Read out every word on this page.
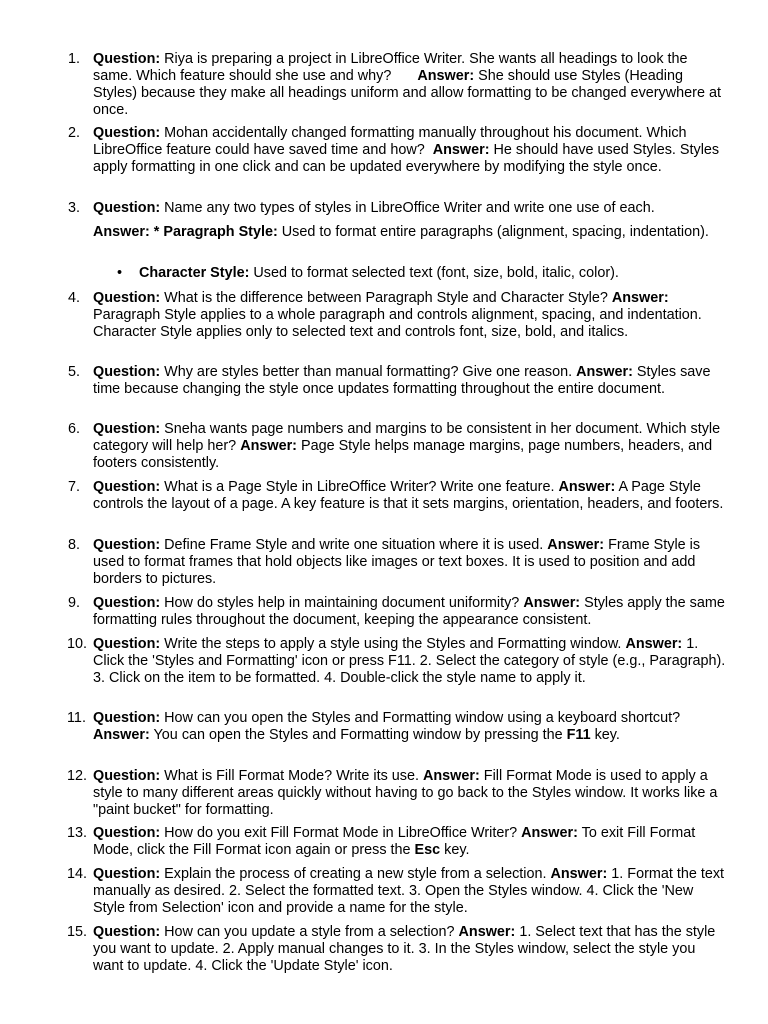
1. Question: Riya is preparing a project in LibreOffice Writer. She wants all headings to look the same. Which feature should she use and why? Answer: She should use Styles (Heading Styles) because they make all headings uniform and allow formatting to be changed everywhere at once.
2. Question: Mohan accidentally changed formatting manually throughout his document. Which LibreOffice feature could have saved time and how? Answer: He should have used Styles. Styles apply formatting in one click and can be updated everywhere by modifying the style once.
3. Question: Name any two types of styles in LibreOffice Writer and write one use of each.
Answer: * Paragraph Style: Used to format entire paragraphs (alignment, spacing, indentation).
• Character Style: Used to format selected text (font, size, bold, italic, color).
4. Question: What is the difference between Paragraph Style and Character Style? Answer: Paragraph Style applies to a whole paragraph and controls alignment, spacing, and indentation. Character Style applies only to selected text and controls font, size, bold, and italics.
5. Question: Why are styles better than manual formatting? Give one reason. Answer: Styles save time because changing the style once updates formatting throughout the entire document.
6. Question: Sneha wants page numbers and margins to be consistent in her document. Which style category will help her? Answer: Page Style helps manage margins, page numbers, headers, and footers consistently.
7. Question: What is a Page Style in LibreOffice Writer? Write one feature. Answer: A Page Style controls the layout of a page. A key feature is that it sets margins, orientation, headers, and footers.
8. Question: Define Frame Style and write one situation where it is used. Answer: Frame Style is used to format frames that hold objects like images or text boxes. It is used to position and add borders to pictures.
9. Question: How do styles help in maintaining document uniformity? Answer: Styles apply the same formatting rules throughout the document, keeping the appearance consistent.
10. Question: Write the steps to apply a style using the Styles and Formatting window. Answer: 1. Click the 'Styles and Formatting' icon or press F11. 2. Select the category of style (e.g., Paragraph). 3. Click on the item to be formatted. 4. Double-click the style name to apply it.
11. Question: How can you open the Styles and Formatting window using a keyboard shortcut? Answer: You can open the Styles and Formatting window by pressing the F11 key.
12. Question: What is Fill Format Mode? Write its use. Answer: Fill Format Mode is used to apply a style to many different areas quickly without having to go back to the Styles window. It works like a "paint bucket" for formatting.
13. Question: How do you exit Fill Format Mode in LibreOffice Writer? Answer: To exit Fill Format Mode, click the Fill Format icon again or press the Esc key.
14. Question: Explain the process of creating a new style from a selection. Answer: 1. Format the text manually as desired. 2. Select the formatted text. 3. Open the Styles window. 4. Click the 'New Style from Selection' icon and provide a name for the style.
15. Question: How can you update a style from a selection? Answer: 1. Select text that has the style you want to update. 2. Apply manual changes to it. 3. In the Styles window, select the style you want to update. 4. Click the 'Update Style' icon.
